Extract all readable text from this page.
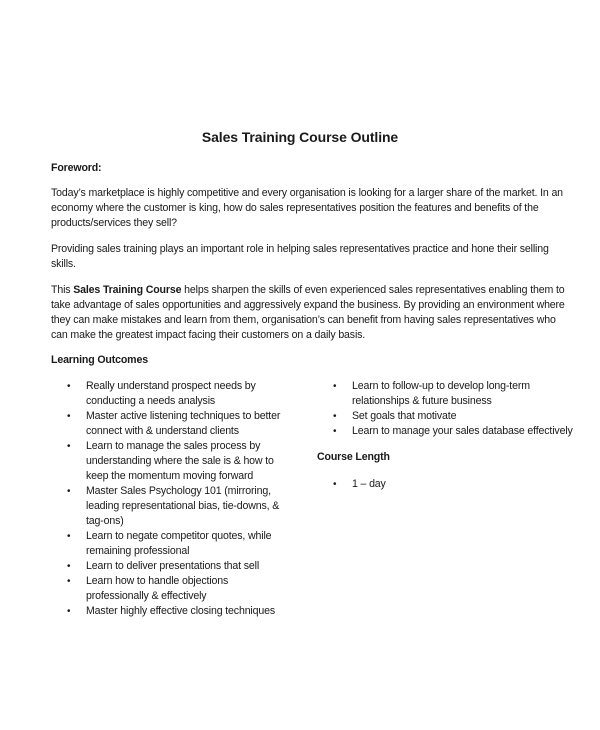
Sales Training Course Outline

Foreword:

Today’s marketplace is highly competitive and every organisation is looking for a larger share of the market. In an economy where the customer is king, how do sales representatives position the features and benefits of the products/services they sell?

Providing sales training plays an important role in helping sales representatives practice and hone their selling skills.

This Sales Training Course helps sharpen the skills of even experienced sales representatives enabling them to take advantage of sales opportunities and aggressively expand the business. By providing an environment where they can make mistakes and learn from them, organisation’s can benefit from having sales representatives who can make the greatest impact facing their customers on a daily basis.

Learning Outcomes

• Really understand prospect needs by conducting a needs analysis
• Master active listening techniques to better connect with & understand clients
• Learn to manage the sales process by understanding where the sale is & how to keep the momentum moving forward
• Master Sales Psychology 101 (mirroring, leading representational bias, tie-downs, & tag-ons)
• Learn to negate competitor quotes, while remaining professional
• Learn to deliver presentations that sell
• Learn how to handle objections professionally & effectively
• Master highly effective closing techniques
• Learn to follow-up to develop long-term relationships & future business
• Set goals that motivate
• Learn to manage your sales database effectively

Course Length

• 1 – day
